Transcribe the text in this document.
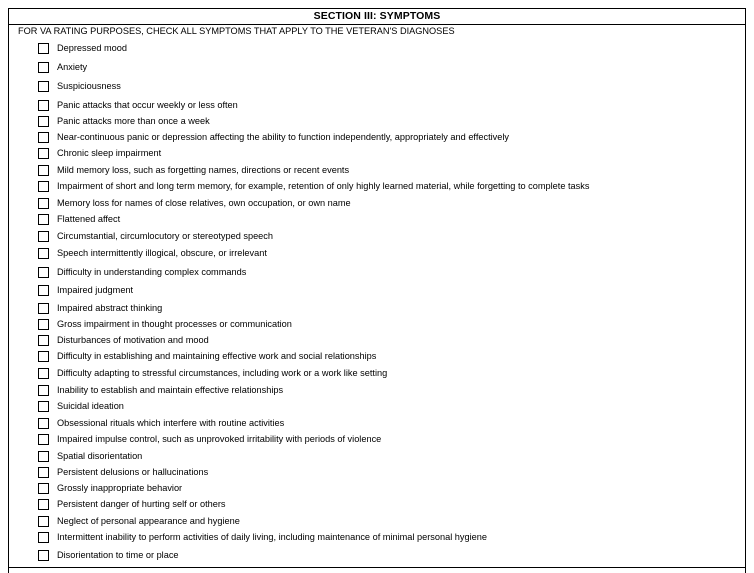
SECTION III: SYMPTOMS
FOR VA RATING PURPOSES, CHECK ALL SYMPTOMS THAT APPLY TO THE VETERAN'S DIAGNOSES
Depressed mood
Anxiety
Suspiciousness
Panic attacks that occur weekly or less often
Panic attacks more than once a week
Near-continuous panic or depression affecting the ability to function independently, appropriately and effectively
Chronic sleep impairment
Mild memory loss, such as forgetting names, directions or recent events
Impairment of short and long term memory, for example, retention of only highly learned material, while forgetting to complete tasks
Memory loss for names of close relatives, own occupation, or own name
Flattened affect
Circumstantial, circumlocutory or stereotyped speech
Speech intermittently illogical, obscure, or irrelevant
Difficulty in understanding complex commands
Impaired judgment
Impaired abstract thinking
Gross impairment in thought processes or communication
Disturbances of motivation and mood
Difficulty in establishing and maintaining effective work and social relationships
Difficulty adapting to stressful circumstances, including work or a work like setting
Inability to establish and maintain effective relationships
Suicidal ideation
Obsessional rituals which interfere with routine activities
Impaired impulse control, such as unprovoked irritability with periods of violence
Spatial disorientation
Persistent delusions or hallucinations
Grossly inappropriate behavior
Persistent danger of hurting self or others
Neglect of personal appearance and hygiene
Intermittent inability to perform activities of daily living, including maintenance of minimal personal hygiene
Disorientation to time or place
